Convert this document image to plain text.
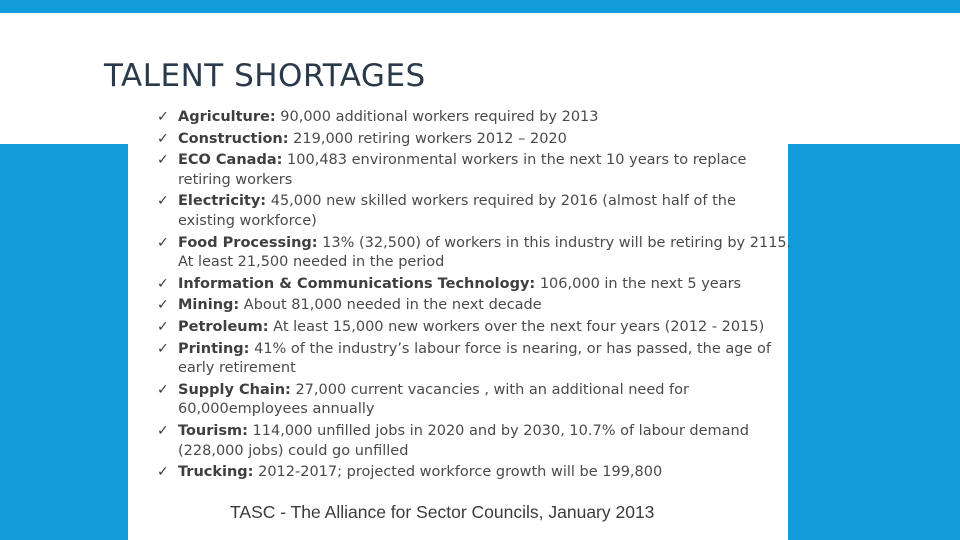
TALENT SHORTAGES
✓ Agriculture: 90,000 additional workers required by 2013
✓ Construction: 219,000 retiring workers 2012 – 2020
✓ ECO Canada: 100,483 environmental workers in the next 10 years to replace retiring workers
✓ Electricity: 45,000 new skilled workers required by 2016 (almost half of the existing workforce)
✓ Food Processing: 13% (32,500) of workers in this industry will be retiring by 2115. At least 21,500 needed in the period
✓ Information & Communications Technology: 106,000 in the next 5 years
✓ Mining: About 81,000 needed in the next decade
✓ Petroleum: At least 15,000 new workers over the next four years (2012 - 2015)
✓ Printing: 41% of the industry’s labour force is nearing, or has passed, the age of early retirement
✓ Supply Chain: 27,000 current vacancies , with an additional need for 60,000employees annually
✓ Tourism: 114,000 unfilled jobs in 2020 and by 2030, 10.7% of labour demand (228,000 jobs) could go unfilled
✓ Trucking: 2012-2017; projected workforce growth will be 199,800

TASC - The Alliance for Sector Councils, January 2013
